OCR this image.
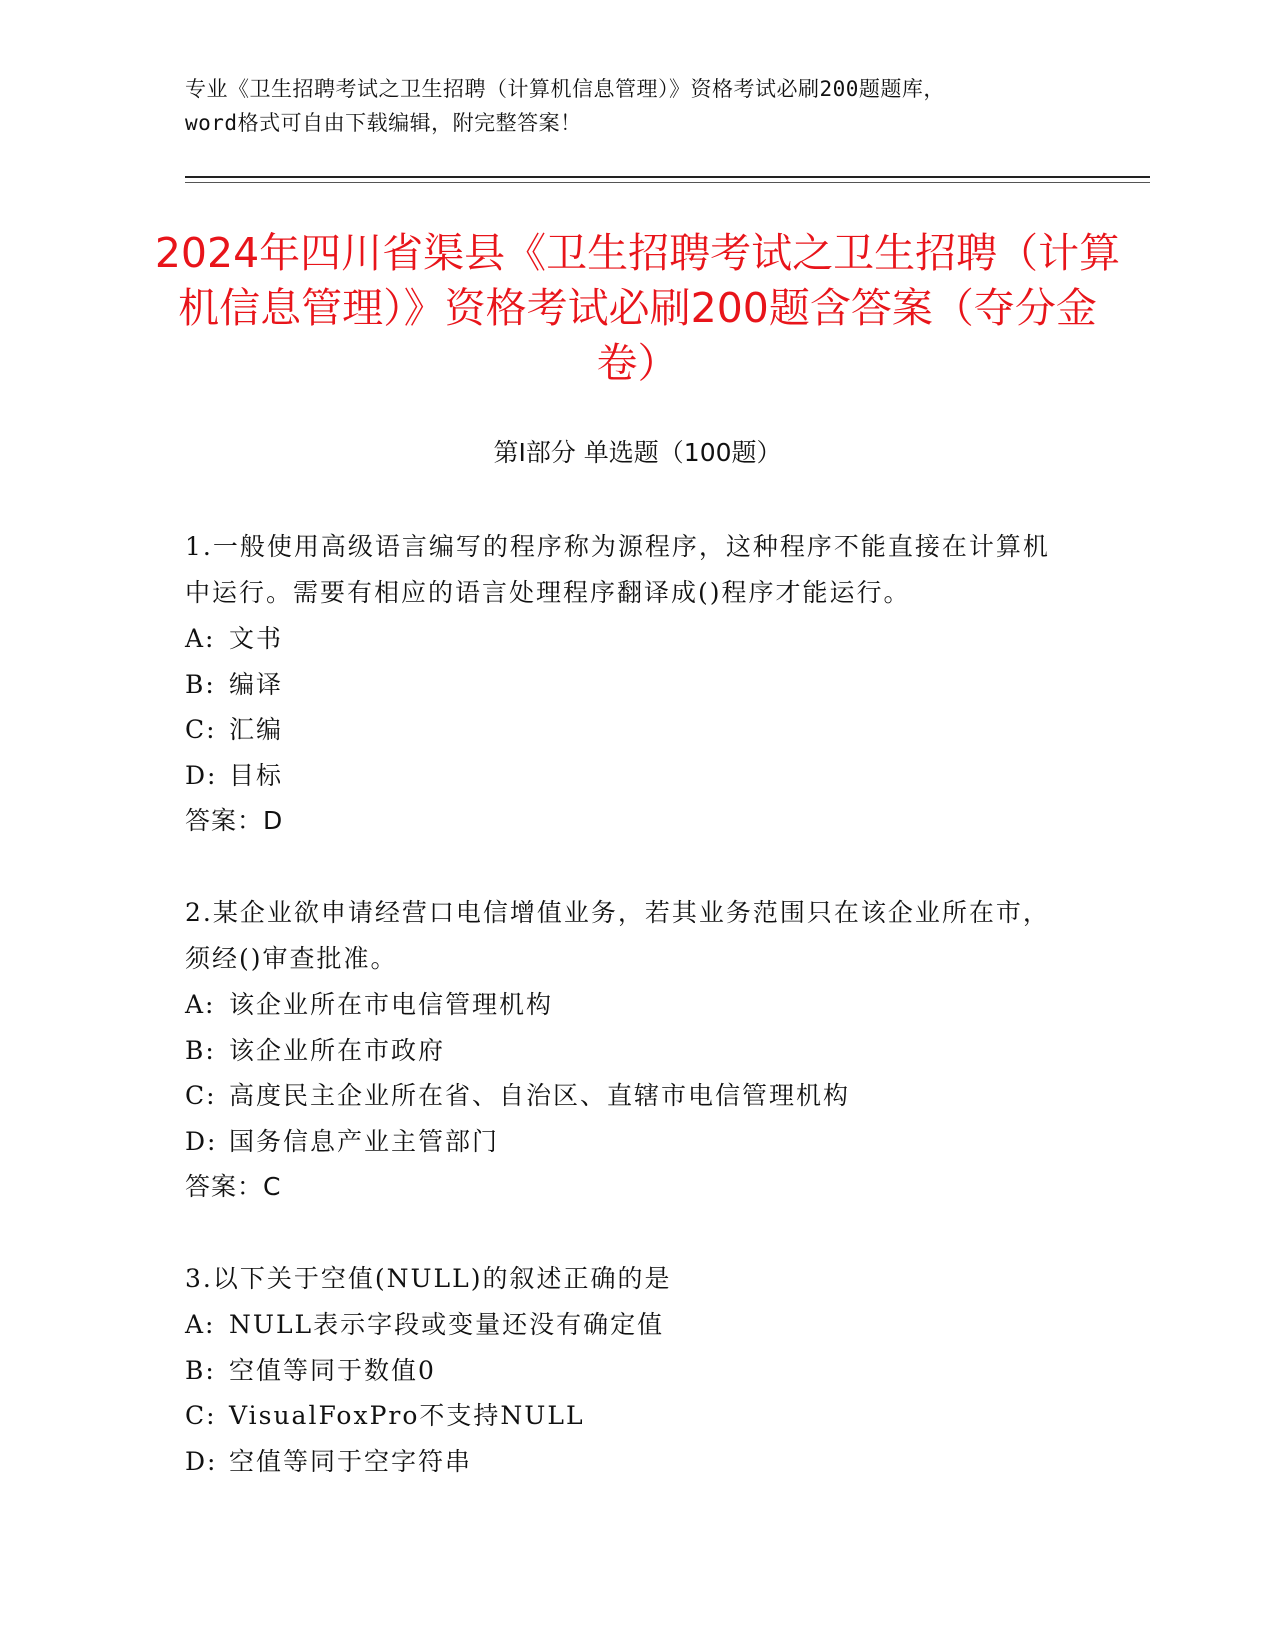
专业《卫生招聘考试之卫生招聘（计算机信息管理）》资格考试必刷200题题库，
word格式可自由下载编辑，附完整答案！
2024年四川省渠县《卫生招聘考试之卫生招聘（计算机信息管理）》资格考试必刷200题含答案（夺分金卷）
第Ⅰ部分 单选题（100题）

1.一般使用高级语言编写的程序称为源程序，这种程序不能直接在计算机中运行。需要有相应的语言处理程序翻译成()程序才能运行。

A: 文书

B: 编译

C: 汇编

D: 目标

答案：D

2.某企业欲申请经营口电信增值业务，若其业务范围只在该企业所在市，须经()审查批准。

A: 该企业所在市电信管理机构

B: 该企业所在市政府

C: 高度民主企业所在省、自治区、直辖市电信管理机构

D: 国务信息产业主管部门

答案：C

3.以下关于空值(NULL)的叙述正确的是

A: NULL表示字段或变量还没有确定值

B: 空值等同于数值0

C: VisualFoxPro不支持NULL

D: 空值等同于空字符串
